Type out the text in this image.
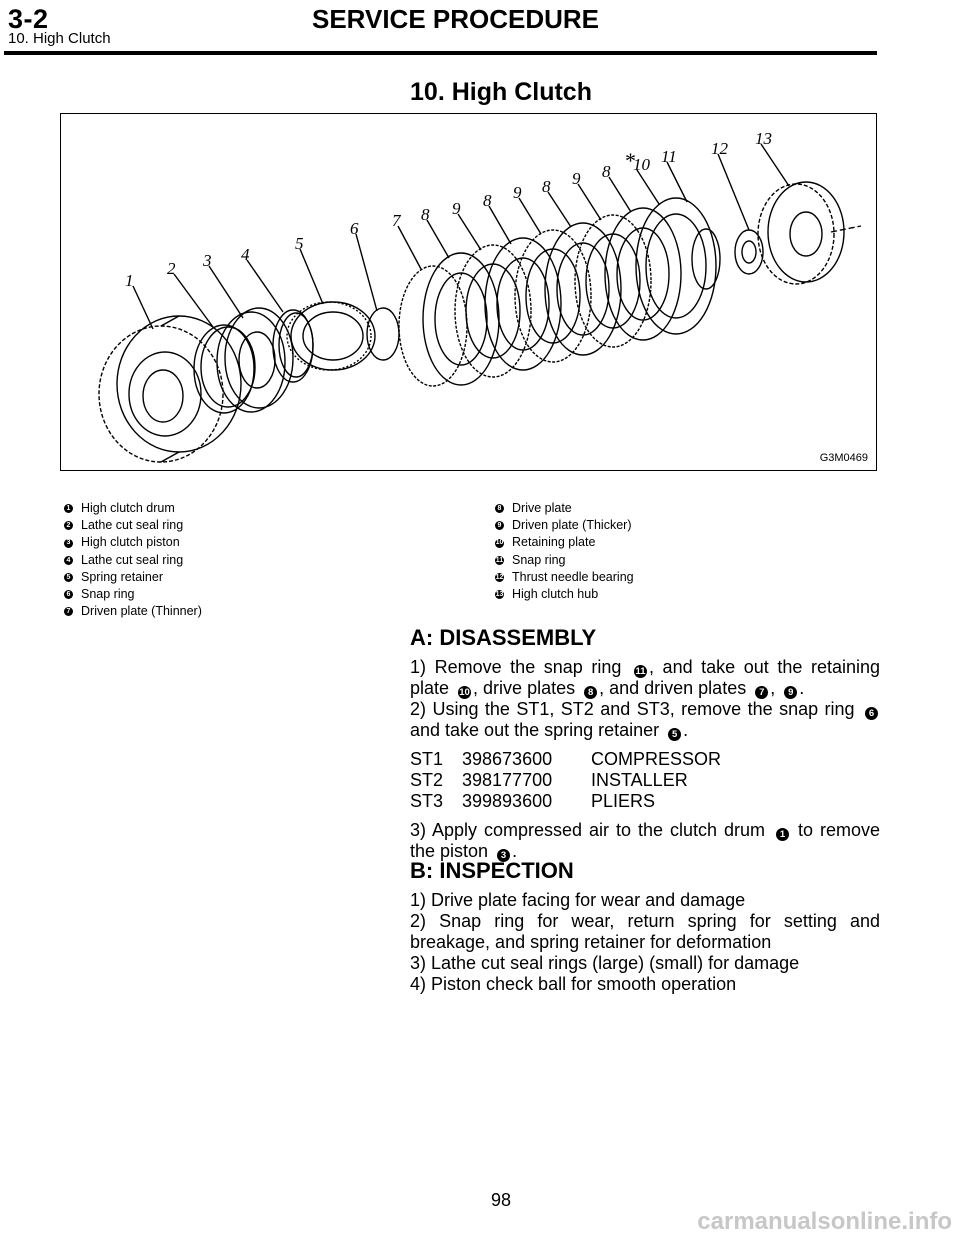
3-2	SERVICE PROCEDURE
10. High Clutch
10. High Clutch
1
2 3 4
5
6 7 8 9 8 9 8 9 8 *
10 11 12
13
G3M0469
1 High clutch drum
2 Lathe cut seal ring
3 High clutch piston
4 Lathe cut seal ring
5 Spring retainer
6 Snap ring
7 Driven plate (Thinner)
8 Drive plate
9 Driven plate (Thicker)
10 Retaining plate
11 Snap ring
12 Thrust needle bearing
13 High clutch hub
A: DISASSEMBLY

1) Remove the snap ring 11 , and take out the retaining plate 10 , drive plates 8 , and driven plates 7 , 9 .

2) Using the ST1, ST2 and ST3, remove the snap ring 6 and take out the spring retainer 5 .

ST1	398673600	COMPRESSOR
ST2	398177700	INSTALLER
ST3	399893600	PLIERS

3) Apply compressed air to the clutch drum 1 to remove the piston 3 .

B: INSPECTION

1) Drive plate facing for wear and damage

2) Snap ring for wear, return spring for setting and breakage, and spring retainer for deformation

3) Lathe cut seal rings (large) (small) for damage

4) Piston check ball for smooth operation

98
carmanualsonline.info
